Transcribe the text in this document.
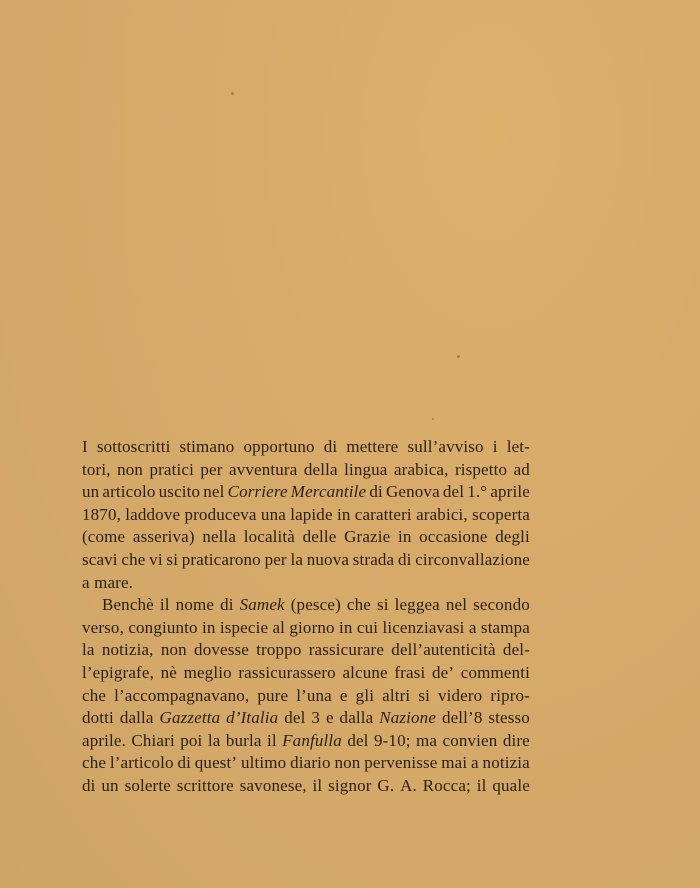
I sottoscritti stimano opportuno di mettere sull’avviso i let-
tori, non pratici per avventura della lingua arabica, rispetto ad
un articolo uscito nel Corriere Mercantile di Genova del 1.° aprile
1870, laddove produceva una lapide in caratteri arabici, scoperta
(come asseriva) nella località delle Grazie in occasione degli
scavi che vi si praticarono per la nuova strada di circonvallazione
a
mare.

Benchè il nome di Samek (pesce) che si leggea nel secondo
verso, congiunto in ispecie al giorno in cui licenziavasi a stampa
la notizia, non dovesse troppo rassicurare dell’autenticità del-
l’epigrafe, nè meglio rassicurassero alcune frasi de’ commenti
che l’accompagnavano, pure l’una e gli altri si videro ripro-
dotti dalla Gazzetta d’Italia del 3 e dalla Nazione dell’8 stesso
aprile. Chiari poi la burla il Fanfulla del 9-10; ma convien dire
che l’articolo di quest’ ultimo diario non pervenisse mai a notizia
di un solerte scrittore savonese, il signor G. A. Rocca; il quale
